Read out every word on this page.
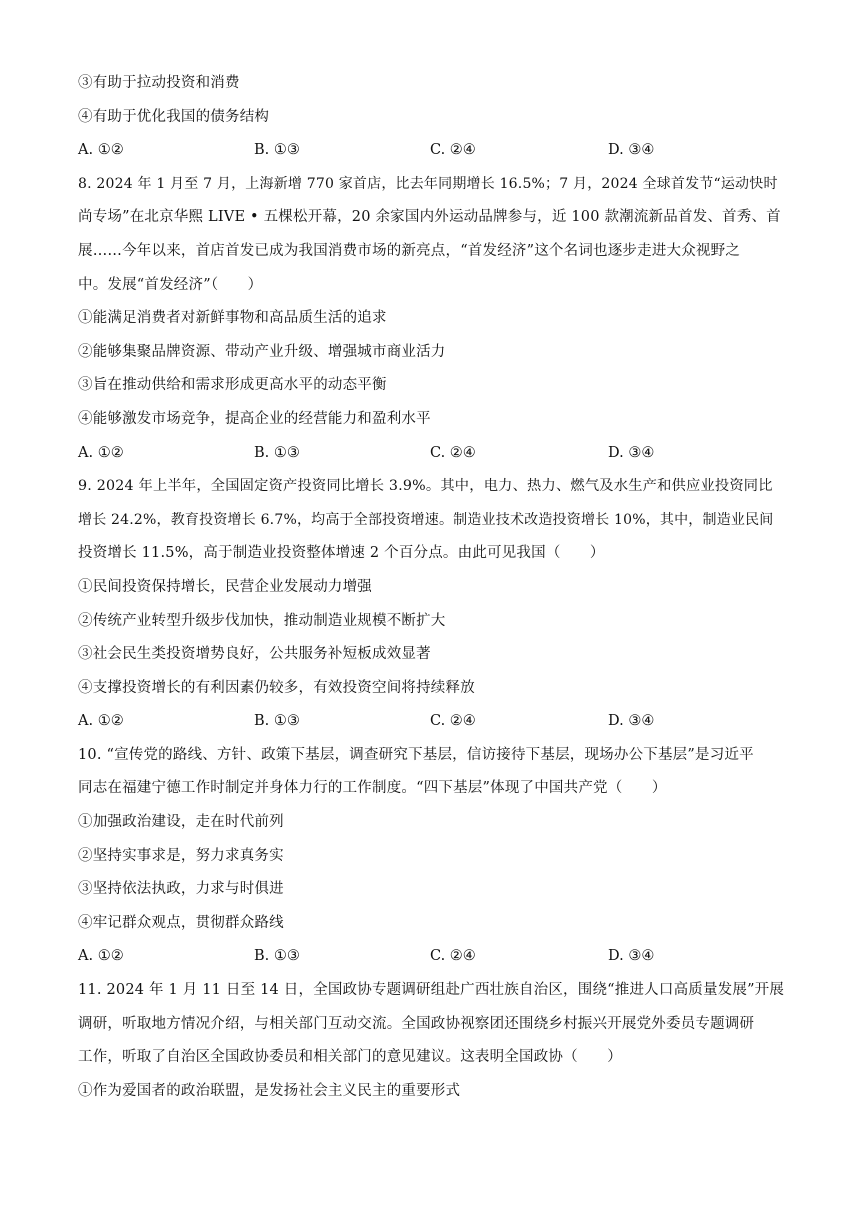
③有助于拉动投资和消费
④有助于优化我国的债务结构
A. ①②	B. ①③	C. ②④	D. ③④
8. 2024 年 1 月至 7 月，上海新增 770 家首店，比去年同期增长 16.5%；7 月，2024 全球首发节“运动快时
尚专场”在北京华熙 LIVE • 五棵松开幕，20 余家国内外运动品牌参与，近 100 款潮流新品首发、首秀、首
展……今年以来，首店首发已成为我国消费市场的新亮点，“首发经济”这个名词也逐步走进大众视野之
中。发展“首发经济”（　　）
①能满足消费者对新鲜事物和高品质生活的追求
②能够集聚品牌资源、带动产业升级、增强城市商业活力
③旨在推动供给和需求形成更高水平的动态平衡
④能够激发市场竞争，提高企业的经营能力和盈利水平
A. ①②	B. ①③	C. ②④	D. ③④
9. 2024 年上半年，全国固定资产投资同比增长 3.9%。其中，电力、热力、燃气及水生产和供应业投资同比
增长 24.2%，教育投资增长 6.7%，均高于全部投资增速。制造业技术改造投资增长 10%，其中，制造业民间
投资增长 11.5%，高于制造业投资整体增速 2 个百分点。由此可见我国（　　）
①民间投资保持增长，民营企业发展动力增强
②传统产业转型升级步伐加快，推动制造业规模不断扩大
③社会民生类投资增势良好，公共服务补短板成效显著
④支撑投资增长的有利因素仍较多，有效投资空间将持续释放
A. ①②	B. ①③	C. ②④	D. ③④
10. “宣传党的路线、方针、政策下基层，调查研究下基层，信访接待下基层，现场办公下基层”是习近平
同志在福建宁德工作时制定并身体力行的工作制度。“四下基层”体现了中国共产党（　　）
①加强政治建设，走在时代前列
②坚持实事求是，努力求真务实
③坚持依法执政，力求与时俱进
④牢记群众观点，贯彻群众路线
A. ①②	B. ①③	C. ②④	D. ③④
11. 2024 年 1 月 11 日至 14 日，全国政协专题调研组赴广西壮族自治区，围绕“推进人口高质量发展”开展
调研，听取地方情况介绍，与相关部门互动交流。全国政协视察团还围绕乡村振兴开展党外委员专题调研
工作，听取了自治区全国政协委员和相关部门的意见建议。这表明全国政协（　　）
①作为爱国者的政治联盟，是发扬社会主义民主的重要形式
